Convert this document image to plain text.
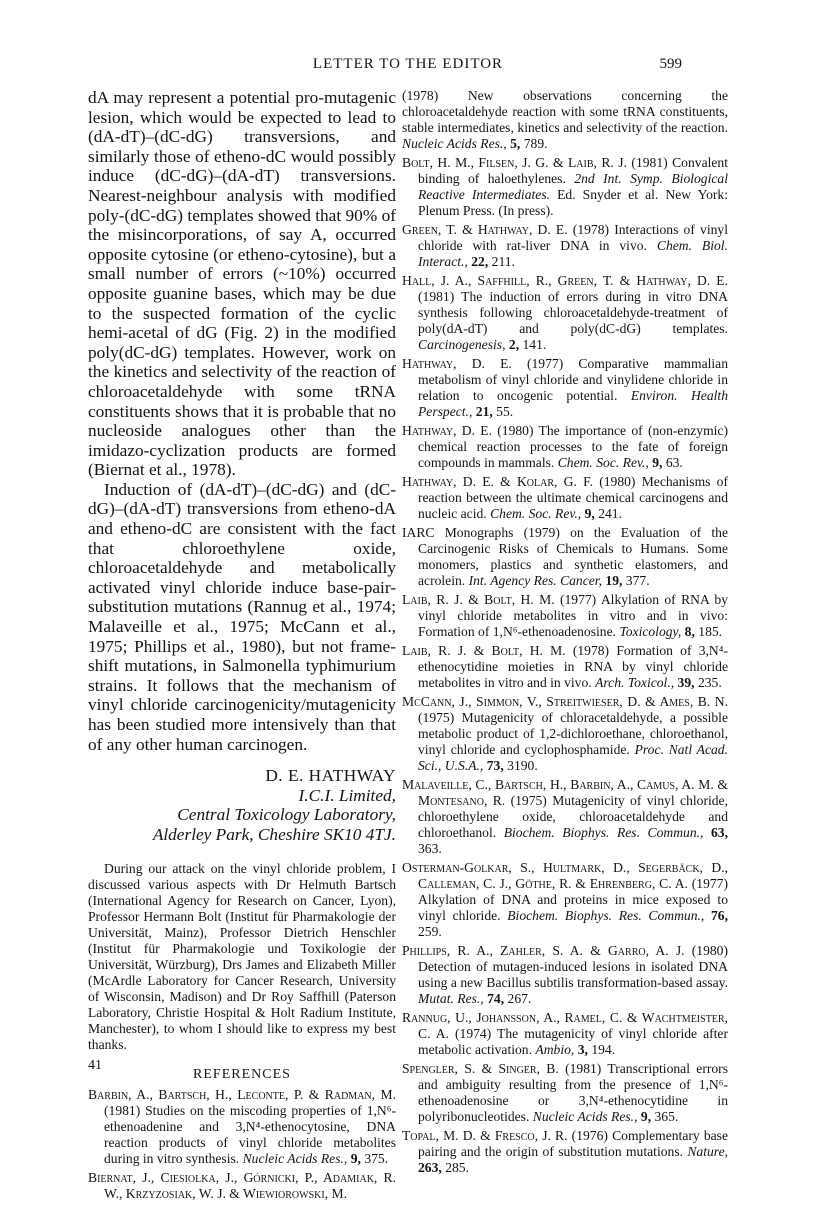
LETTER TO THE EDITOR	599

dA may represent a potential pro-mutagenic lesion, which would be expected to lead to (dA-dT)–(dC-dG) transversions, and similarly those of etheno-dC would possibly induce (dC-dG)–(dA-dT) transversions. Nearest-neighbour analysis with modified poly-(dC-dG) templates showed that 90% of the misincorporations, of say A, occurred opposite cytosine (or etheno-cytosine), but a small number of errors (~10%) occurred opposite guanine bases, which may be due to the suspected formation of the cyclic hemi-acetal of dG (Fig. 2) in the modified poly(dC-dG) templates. However, work on the kinetics and selectivity of the reaction of chloroacetaldehyde with some tRNA constituents shows that it is probable that no nucleoside analogues other than the imidazo-cyclization products are formed (Biernat et al., 1978).

Induction of (dA-dT)–(dC-dG) and (dC-dG)–(dA-dT) transversions from etheno-dA and etheno-dC are consistent with the fact that chloroethylene oxide, chloroacetaldehyde and metabolically activated vinyl chloride induce base-pair-substitution mutations (Rannug et al., 1974; Malaveille et al., 1975; McCann et al., 1975; Phillips et al., 1980), but not frame-shift mutations, in Salmonella typhimurium strains. It follows that the mechanism of vinyl chloride carcinogenicity/mutagenicity has been studied more intensively than that of any other human carcinogen.

D. E. HATHWAY
I.C.I. Limited,
Central Toxicology Laboratory,
Alderley Park, Cheshire SK10 4TJ.

During our attack on the vinyl chloride problem, I discussed various aspects with Dr Helmuth Bartsch (International Agency for Research on Cancer, Lyon), Professor Hermann Bolt (Institut für Pharmakologie der Universität, Mainz), Professor Dietrich Henschler (Institut für Pharmakologie und Toxikologie der Universität, Würzburg), Drs James and Elizabeth Miller (McArdle Laboratory for Cancer Research, University of Wisconsin, Madison) and Dr Roy Saffhill (Paterson Laboratory, Christie Hospital & Holt Radium Institute, Manchester), to whom I should like to express my best thanks.

REFERENCES

Barbin, A., Bartsch, H., Leconte, P. & Radman, M. (1981) Studies on the miscoding properties of 1,N⁶-ethenoadenine and 3,N⁴-ethenocytosine, DNA reaction products of vinyl chloride metabolites during in vitro synthesis. Nucleic Acids Res., 9, 375.

Biernat, J., Ciesiolka, J., Górnicki, P., Adamiak, R. W., Krzyzosiak, W. J. & Wiewiorowski, M.

(1978) New observations concerning the chloroacetaldehyde reaction with some tRNA constituents, stable intermediates, kinetics and selectivity of the reaction. Nucleic Acids Res., 5, 789.

Bolt, H. M., Filsen, J. G. & Laib, R. J. (1981) Convalent binding of haloethylenes. 2nd Int. Symp. Biological Reactive Intermediates. Ed. Snyder et al. New York: Plenum Press. (In press).

Green, T. & Hathway, D. E. (1978) Interactions of vinyl chloride with rat-liver DNA in vivo. Chem. Biol. Interact., 22, 211.

Hall, J. A., Saffhill, R., Green, T. & Hathway, D. E. (1981) The induction of errors during in vitro DNA synthesis following chloroacetaldehyde-treatment of poly(dA-dT) and poly(dC-dG) templates. Carcinogenesis, 2, 141.

Hathway, D. E. (1977) Comparative mammalian metabolism of vinyl chloride and vinylidene chloride in relation to oncogenic potential. Environ. Health Perspect., 21, 55.

Hathway, D. E. (1980) The importance of (non-enzymic) chemical reaction processes to the fate of foreign compounds in mammals. Chem. Soc. Rev., 9, 63.

Hathway, D. E. & Kolar, G. F. (1980) Mechanisms of reaction between the ultimate chemical carcinogens and nucleic acid. Chem. Soc. Rev., 9, 241.

IARC Monographs (1979) on the Evaluation of the Carcinogenic Risks of Chemicals to Humans. Some monomers, plastics and synthetic elastomers, and acrolein. Int. Agency Res. Cancer, 19, 377.

Laib, R. J. & Bolt, H. M. (1977) Alkylation of RNA by vinyl chloride metabolites in vitro and in vivo: Formation of 1,N⁶-ethenoadenosine. Toxicology, 8, 185.

Laib, R. J. & Bolt, H. M. (1978) Formation of 3,N⁴-ethenocytidine moieties in RNA by vinyl chloride metabolites in vitro and in vivo. Arch. Toxicol., 39, 235.

McCann, J., Simmon, V., Streitwieser, D. & Ames, B. N. (1975) Mutagenicity of chloracetaldehyde, a possible metabolic product of 1,2-dichloroethane, chloroethanol, vinyl chloride and cyclophosphamide. Proc. Natl Acad. Sci., U.S.A., 73, 3190.

Malaveille, C., Bartsch, H., Barbin, A., Camus, A. M. & Montesano, R. (1975) Mutagenicity of vinyl chloride, chloroethylene oxide, chloroacetaldehyde and chloroethanol. Biochem. Biophys. Res. Commun., 63, 363.

Osterman-Golkar, S., Hultmark, D., Segerbäck, D., Calleman, C. J., Göthe, R. & Ehrenberg, C. A. (1977) Alkylation of DNA and proteins in mice exposed to vinyl chloride. Biochem. Biophys. Res. Commun., 76, 259.

Phillips, R. A., Zahler, S. A. & Garro, A. J. (1980) Detection of mutagen-induced lesions in isolated DNA using a new Bacillus subtilis transformation-based assay. Mutat. Res., 74, 267.

Rannug, U., Johansson, A., Ramel, C. & Wachtmeister, C. A. (1974) The mutagenicity of vinyl chloride after metabolic activation. Ambio, 3, 194.

Spengler, S. & Singer, B. (1981) Transcriptional errors and ambiguity resulting from the presence of 1,N⁶-ethenoadenosine or 3,N⁴-ethenocytidine in polyribonucleotides. Nucleic Acids Res., 9, 365.

Topal, M. D. & Fresco, J. R. (1976) Complementary base pairing and the origin of substitution mutations. Nature, 263, 285.

41
